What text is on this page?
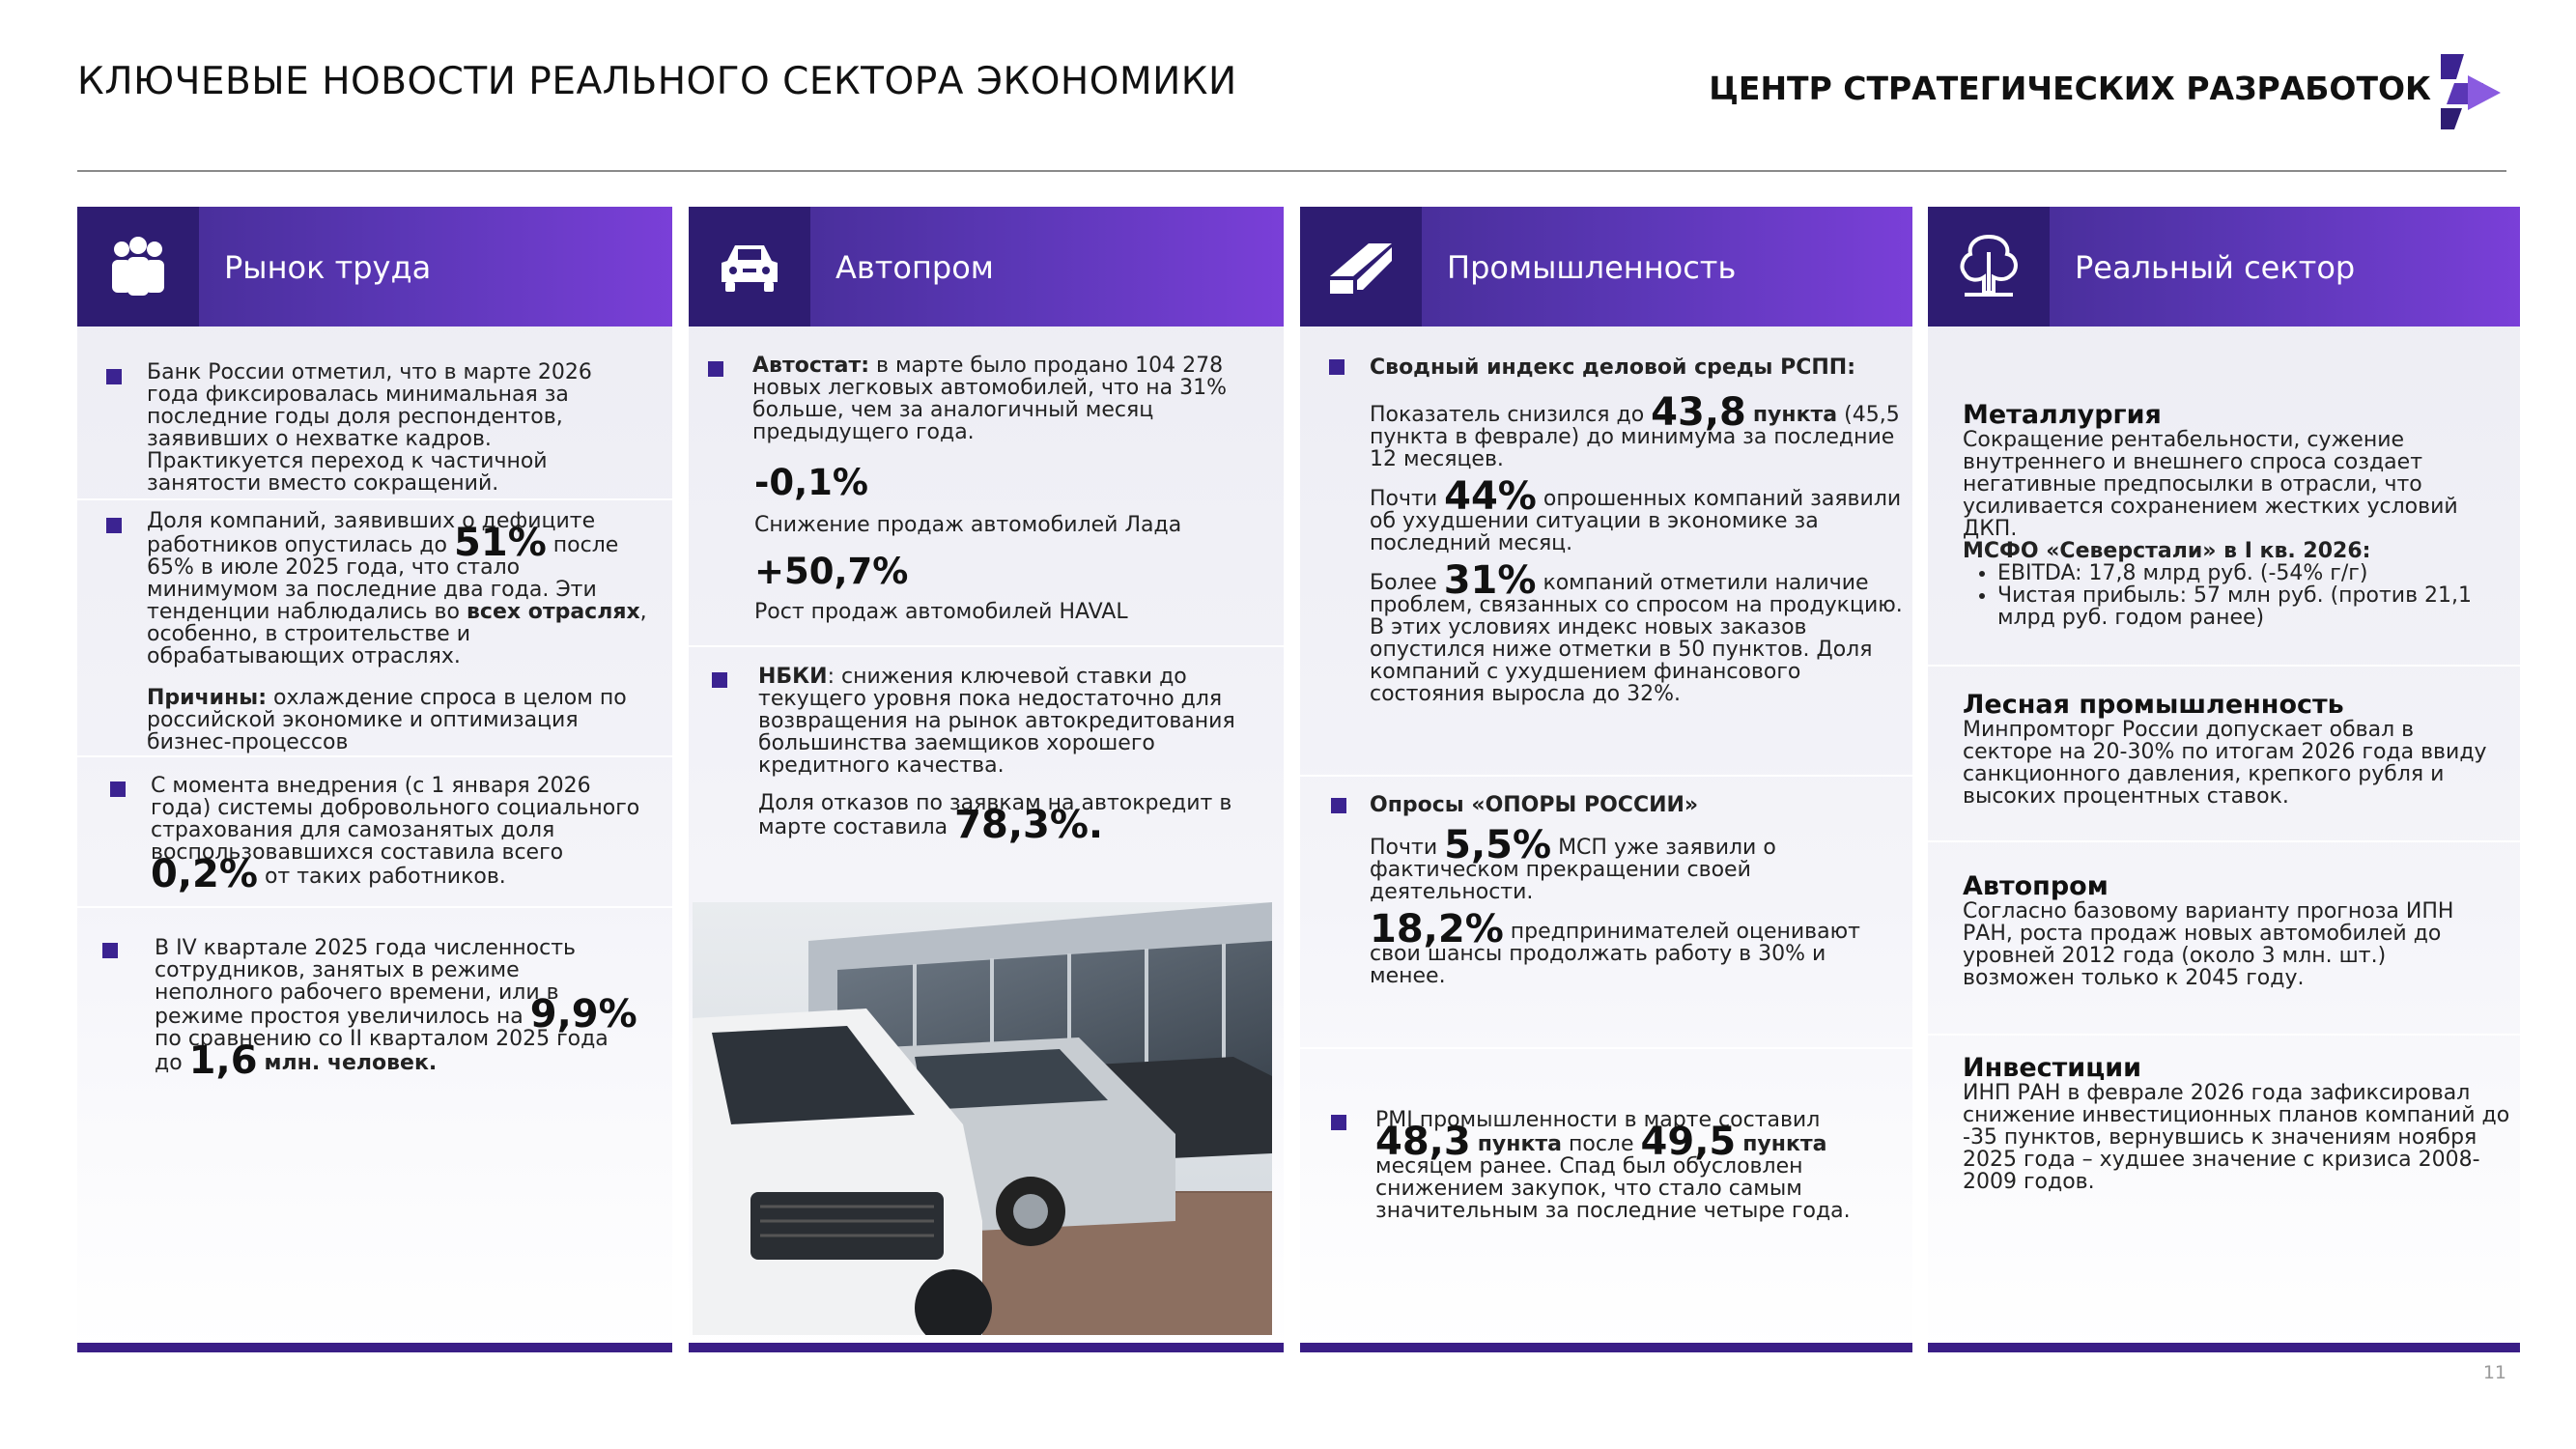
КЛЮЧЕВЫЕ НОВОСТИ РЕАЛЬНОГО СЕКТОРА ЭКОНОМИКИ	ЦЕНТР СТРАТЕГИЧЕСКИХ РАЗРАБОТОК
Рынок труда
Банк России отметил, что в марте 2026 года фиксировалась минимальная за последние годы доля респондентов, заявивших о нехватке кадров. Практикуется переход к частичной занятости вместо сокращений.
Доля компаний, заявивших о дефиците работников опустилась до 51% после 65% в июле 2025 года, что стало минимумом за последние два года. Эти тенденции наблюдались во всех отраслях, особенно, в строительстве и обрабатывающих отраслях.
Причины: охлаждение спроса в целом по российской экономике и оптимизация бизнес-процессов
С момента внедрения (с 1 января 2026 года) системы добровольного социального страхования для самозанятых доля воспользовавшихся составила всего 0,2% от таких работников.
В IV квартале 2025 года численность сотрудников, занятых в режиме неполного рабочего времени, или в режиме простоя увеличилось на 9,9% по сравнению со II кварталом 2025 года до 1,6 млн. человек.
Автопром
Автостат: в марте было продано 104 278 новых легковых автомобилей, что на 31% больше, чем за аналогичный месяц предыдущего года.
-0,1%
Снижение продаж автомобилей Лада
+50,7%
Рост продаж автомобилей HAVAL
НБКИ: снижения ключевой ставки до текущего уровня пока недостаточно для возвращения на рынок автокредитования большинства заемщиков хорошего кредитного качества.
Доля отказов по заявкам на автокредит в марте составила 78,3%.
Промышленность
Сводный индекс деловой среды РСПП:
Показатель снизился до 43,8 пункта (45,5 пункта в феврале) до минимума за последние 12 месяцев.
Почти 44% опрошенных компаний заявили об ухудшении ситуации в экономике за последний месяц.
Более 31% компаний отметили наличие проблем, связанных со спросом на продукцию. В этих условиях индекс новых заказов опустился ниже отметки в 50 пунктов. Доля компаний с ухудшением финансового состояния выросла до 32%.
Опросы «ОПОРЫ РОССИИ»
Почти 5,5% МСП уже заявили о фактическом прекращении своей деятельности.
18,2% предпринимателей оценивают свои шансы продолжать работу в 30% и менее.
PMI промышленности в марте составил 48,3 пункта после 49,5 пункта месяцем ранее. Спад был обусловлен снижением закупок, что стало самым значительным за последние четыре года.
Реальный сектор
Металлургия
Сокращение рентабельности, сужение внутреннего и внешнего спроса создает негативные предпосылки в отрасли, что усиливается сохранением жестких условий ДКП.
МСФО «Северстали» в I кв. 2026:
• EBITDA: 17,8 млрд руб. (-54% г/г)
• Чистая прибыль: 57 млн руб. (против 21,1 млрд руб. годом ранее)
Лесная промышленность
Минпромторг России допускает обвал в секторе на 20-30% по итогам 2026 года ввиду санкционного давления, крепкого рубля и высоких процентных ставок.
Автопром
Согласно базовому варианту прогноза ИПН РАН, роста продаж новых автомобилей до уровней 2012 года (около 3 млн. шт.) возможен только к 2045 году.
Инвестиции
ИНП РАН в феврале 2026 года зафиксировал снижение инвестиционных планов компаний до -35 пунктов, вернувшись к значениям ноября 2025 года – худшее значение с кризиса 2008-2009 годов.
11
